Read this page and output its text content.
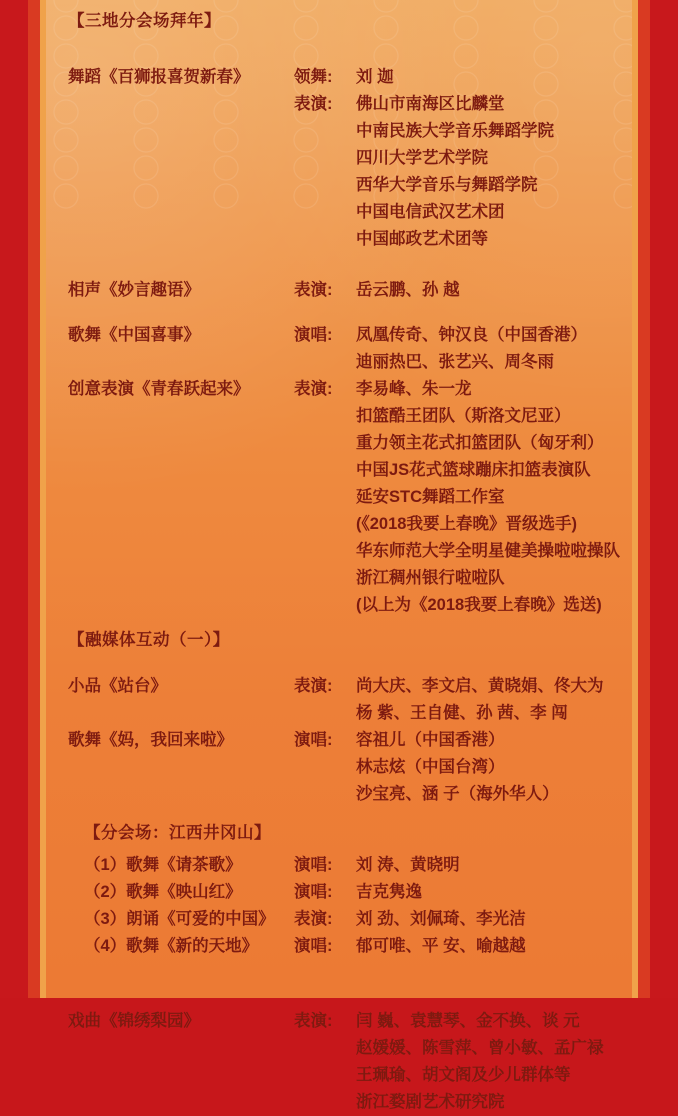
【三地分会场拜年】
舞蹈《百狮报喜贺新春》	领舞:	刘 迦
表演:	佛山市南海区比麟堂
中南民族大学音乐舞蹈学院
四川大学艺术学院
西华大学音乐与舞蹈学院
中国电信武汉艺术团
中国邮政艺术团等
相声《妙言趣语》	表演:	岳云鹏、孙 越
歌舞《中国喜事》	演唱:	凤凰传奇、钟汉良（中国香港）
迪丽热巴、张艺兴、周冬雨
创意表演《青春跃起来》	表演:	李易峰、朱一龙
扣篮酷王团队（斯洛文尼亚）
重力领主花式扣篮团队（匈牙利）
中国JS花式篮球蹦床扣篮表演队
延安STC舞蹈工作室
(《2018我要上春晚》晋级选手)
华东师范大学全明星健美操啦啦操队
浙江稠州银行啦啦队
(以上为《2018我要上春晚》选送)
【融媒体互动（一）】
小品《站台》	表演:	尚大庆、李文启、黄晓娟、佟大为
杨 紫、王自健、孙 茜、李 闯
歌舞《妈，我回来啦》	演唱:	容祖儿（中国香港）
林志炫（中国台湾）
沙宝亮、涵 子（海外华人）
【分会场：江西井冈山】
（1）歌舞《请茶歌》	演唱:	刘 涛、黄晓明
（2）歌舞《映山红》	演唱:	吉克隽逸
（3）朗诵《可爱的中国》	表演:	刘 劲、刘佩琦、李光洁
（4）歌舞《新的天地》	演唱:	郁可唯、平 安、喻越越
戏曲《锦绣梨园》	表演:	闫 巍、袁慧琴、金不换、谈 元
赵媛媛、陈雪萍、曾小敏、孟广禄
王珮瑜、胡文阁及少儿群体等
浙江婺剧艺术研究院
